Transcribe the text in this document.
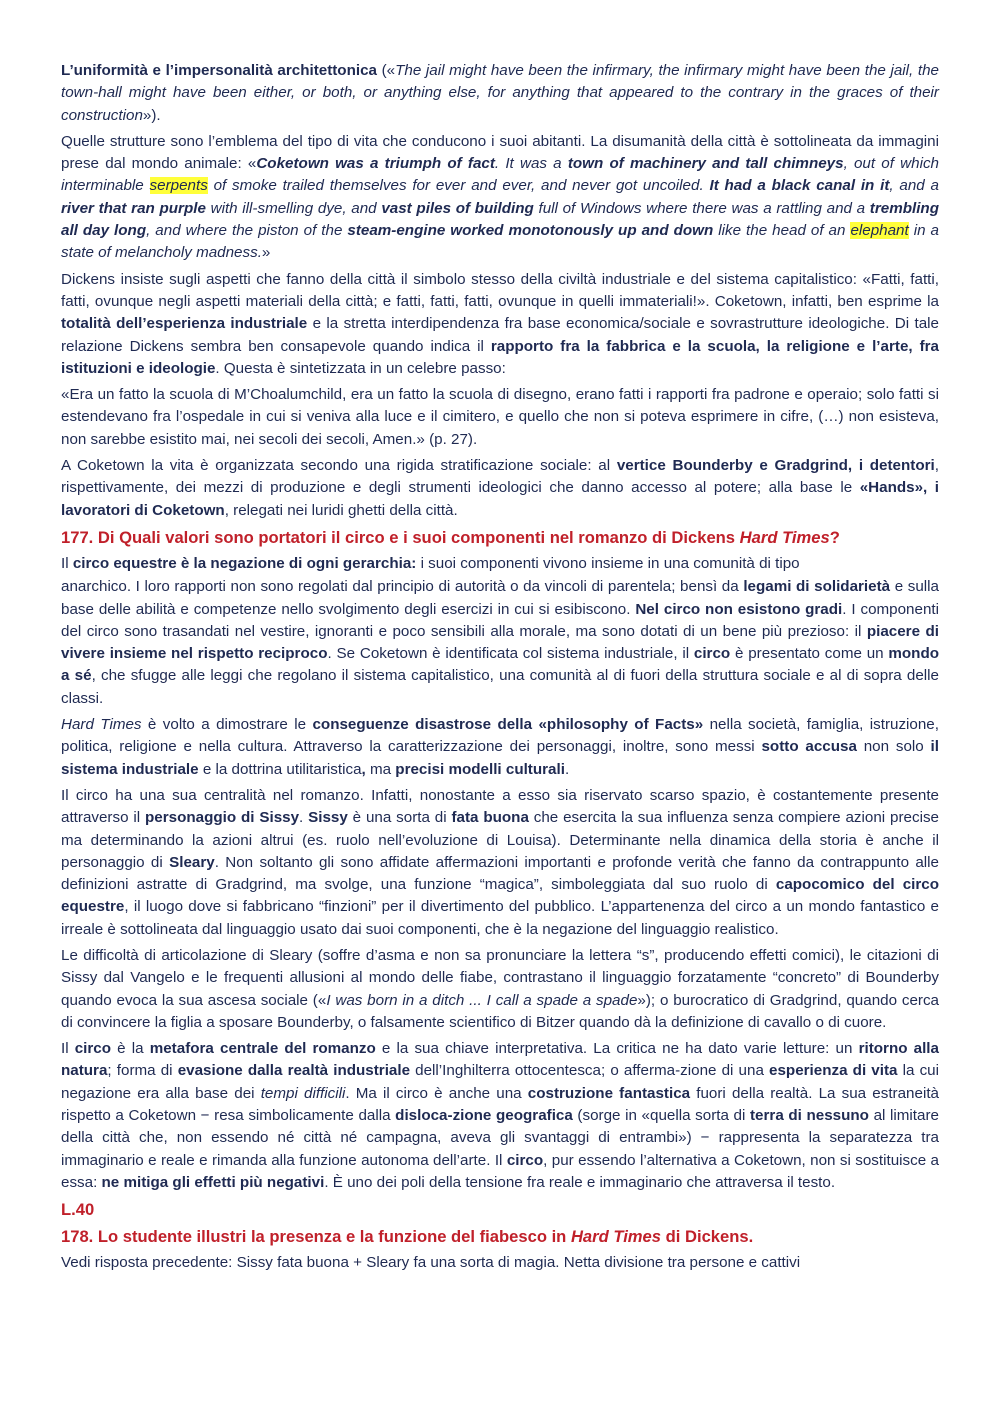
L’uniformità e l’impersonalità architettonica («The jail might have been the infirmary, the infirmary might have been the jail, the town-hall might have been either, or both, or anything else, for anything that appeared to the contrary in the graces of their construction»).

Quelle strutture sono l’emblema del tipo di vita che conducono i suoi abitanti. La disumanità della città è sottolineata da immagini prese dal mondo animale: «Coketown was a triumph of fact. It was a town of machinery and tall chimneys, out of which interminable serpents of smoke trailed themselves for ever and ever, and never got uncoiled. It had a black canal in it, and a river that ran purple with ill-smelling dye, and vast piles of building full of Windows where there was a rattling and a trembling all day long, and where the piston of the steam-engine worked monotonously up and down like the head of an elephant in a state of melancholy madness.»

Dickens insiste sugli aspetti che fanno della città il simbolo stesso della civiltà industriale e del sistema capitalistico: «Fatti, fatti, fatti, ovunque negli aspetti materiali della città; e fatti, fatti, fatti, ovunque in quelli immateriali!». Coketown, infatti, ben esprime la totalità dell’esperienza industriale e la stretta interdipendenza fra base economica/sociale e sovrastrutture ideologiche. Di tale relazione Dickens sembra ben consapevole quando indica il rapporto fra la fabbrica e la scuola, la religione e l’arte, fra istituzioni e ideologie. Questa è sintetizzata in un celebre passo:

«Era un fatto la scuola di M’Choalumchild, era un fatto la scuola di disegno, erano fatti i rapporti fra padrone e operaio; solo fatti si estendevano fra l’ospedale in cui si veniva alla luce e il cimitero, e quello che non si poteva esprimere in cifre, (…) non esisteva, non sarebbe esistito mai, nei secoli dei secoli, Amen.» (p. 27).

A Coketown la vita è organizzata secondo una rigida stratificazione sociale: al vertice Bounderby e Gradgrind, i detentori, rispettivamente, dei mezzi di produzione e degli strumenti ideologici che danno accesso al potere; alla base le «Hands», i lavoratori di Coketown, relegati nei luridi ghetti della città.

177. Di Quali valori sono portatori il circo e i suoi componenti nel romanzo di Dickens Hard Times?

Il circo equestre è la negazione di ogni gerarchia: i suoi componenti vivono insieme in una comunità di tipo

anarchico. I loro rapporti non sono regolati dal principio di autorità o da vincoli di parentela; bensì da legami di solidarietà e sulla base delle abilità e competenze nello svolgimento degli esercizi in cui si esibiscono. Nel circo non esistono gradi. I componenti del circo sono trasandati nel vestire, ignoranti e poco sensibili alla morale, ma sono dotati di un bene più prezioso: il piacere di vivere insieme nel rispetto reciproco. Se Coketown è identificata col sistema industriale, il circo è presentato come un mondo a sé, che sfugge alle leggi che regolano il sistema capitalistico, una comunità al di fuori della struttura sociale e al di sopra delle classi.

Hard Times è volto a dimostrare le conseguenze disastrose della «philosophy of Facts» nella società, famiglia, istruzione, politica, religione e nella cultura. Attraverso la caratterizzazione dei personaggi, inoltre, sono messi sotto accusa non solo il sistema industriale e la dottrina utilitaristica, ma precisi modelli culturali.

Il circo ha una sua centralità nel romanzo. Infatti, nonostante a esso sia riservato scarso spazio, è costantemente presente attraverso il personaggio di Sissy. Sissy è una sorta di fata buona che esercita la sua influenza senza compiere azioni precise ma determinando la azioni altrui (es. ruolo nell’evoluzione di Louisa). Determinante nella dinamica della storia è anche il personaggio di Sleary. Non soltanto gli sono affidate affermazioni importanti e profonde verità che fanno da contrappunto alle definizioni astratte di Gradgrind, ma svolge, una funzione “magica”, simboleggiata dal suo ruolo di capocomico del circo equestre, il luogo dove si fabbricano “finzioni” per il divertimento del pubblico. L’appartenenza del circo a un mondo fantastico e irreale è sottolineata dal linguaggio usato dai suoi componenti, che è la negazione del linguaggio realistico.

Le difficoltà di articolazione di Sleary (soffre d’asma e non sa pronunciare la lettera “s”, producendo effetti comici), le citazioni di Sissy dal Vangelo e le frequenti allusioni al mondo delle fiabe, contrastano il linguaggio forzatamente “concreto” di Bounderby quando evoca la sua ascesa sociale («I was born in a ditch ... I call a spade a spade»); o burocratico di Gradgrind, quando cerca di convincere la figlia a sposare Bounderby, o falsamente scientifico di Bitzer quando dà la definizione di cavallo o di cuore.

Il circo è la metafora centrale del romanzo e la sua chiave interpretativa. La critica ne ha dato varie letture: un ritorno alla natura; forma di evasione dalla realtà industriale dell’Inghilterra ottocentesca; o afferma-zione di una esperienza di vita la cui negazione era alla base dei tempi difficili. Ma il circo è anche una costruzione fantastica fuori della realtà. La sua estraneità rispetto a Coketown − resa simbolicamente dalla disloca-zione geografica (sorge in «quella sorta di terra di nessuno al limitare della città che, non essendo né città né campagna, aveva gli svantaggi di entrambi») − rappresenta la separatezza tra immaginario e reale e rimanda alla funzione autonoma dell’arte. Il circo, pur essendo l’alternativa a Coketown, non si sostituisce a essa: ne mitiga gli effetti più negativi. È uno dei poli della tensione fra reale e immaginario che attraversa il testo.

L.40
178. Lo studente illustri la presenza e la funzione del fiabesco in Hard Times di Dickens.

Vedi risposta precedente: Sissy fata buona + Sleary fa una sorta di magia. Netta divisione tra persone e cattivi
